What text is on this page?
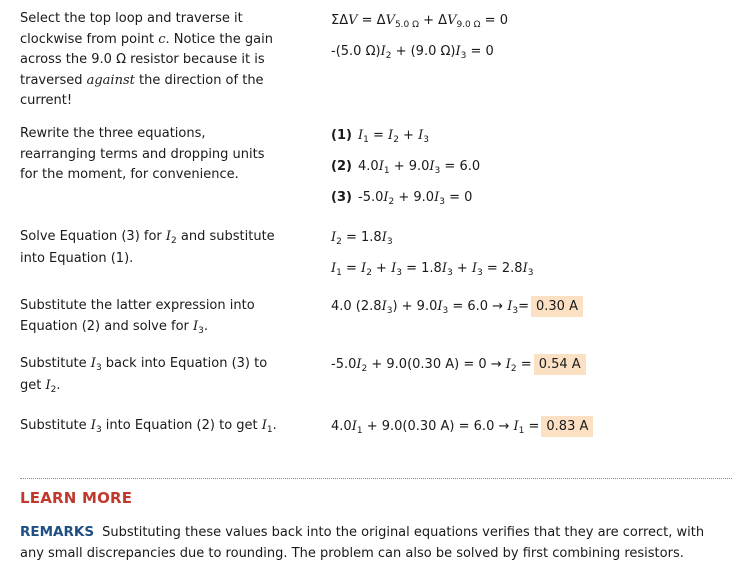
Select the top loop and traverse it clockwise from point c. Notice the gain across the 9.0 Ω resistor because it is traversed against the direction of the current!
$\Sigma\Delta V = \Delta V_{5.0 \Omega} + \Delta V_{9.0 \Omega} = 0$
-(5.0 $\Omega)I_2 + (9.0$ $\Omega)I_3 = 0$
Rewrite the three equations, rearranging terms and dropping units for the moment, for convenience.
(1) $I_1 = I_2 + I_3$
(2) $4.0I_1 + 9.0I_3 = 6.0$
(3) $-5.0I_2 + 9.0I_3 = 0$
Solve Equation (3) for $I_2$ and substitute into Equation (1).
$I_2 = 1.8I_3$
$I_1 = I_2 + I_3 = 1.8I_3 + I_3 = 2.8I_3$
Substitute the latter expression into Equation (2) and solve for $I_3$.
4.0 $(2.8I_3) + 9.0I_3 = 6.0 \to I_3= 0.30$ A
Substitute $I_3$ back into Equation (3) to get $I_2$.
$-5.0I_2 + 9.0(0.30$ $A) = 0 \to I_2 = 0.54$ A
Substitute $I_3$ into Equation (2) to get $I_1$.	$4.0I_1 + 9.0(0.30$ $A) = 6.0 \to I_1 = 0.83$ A
LEARN MORE
REMARKS Substituting these values back into the original equations verifies that they are correct, with any small discrepancies due to rounding. The problem can also be solved by first combining resistors.
